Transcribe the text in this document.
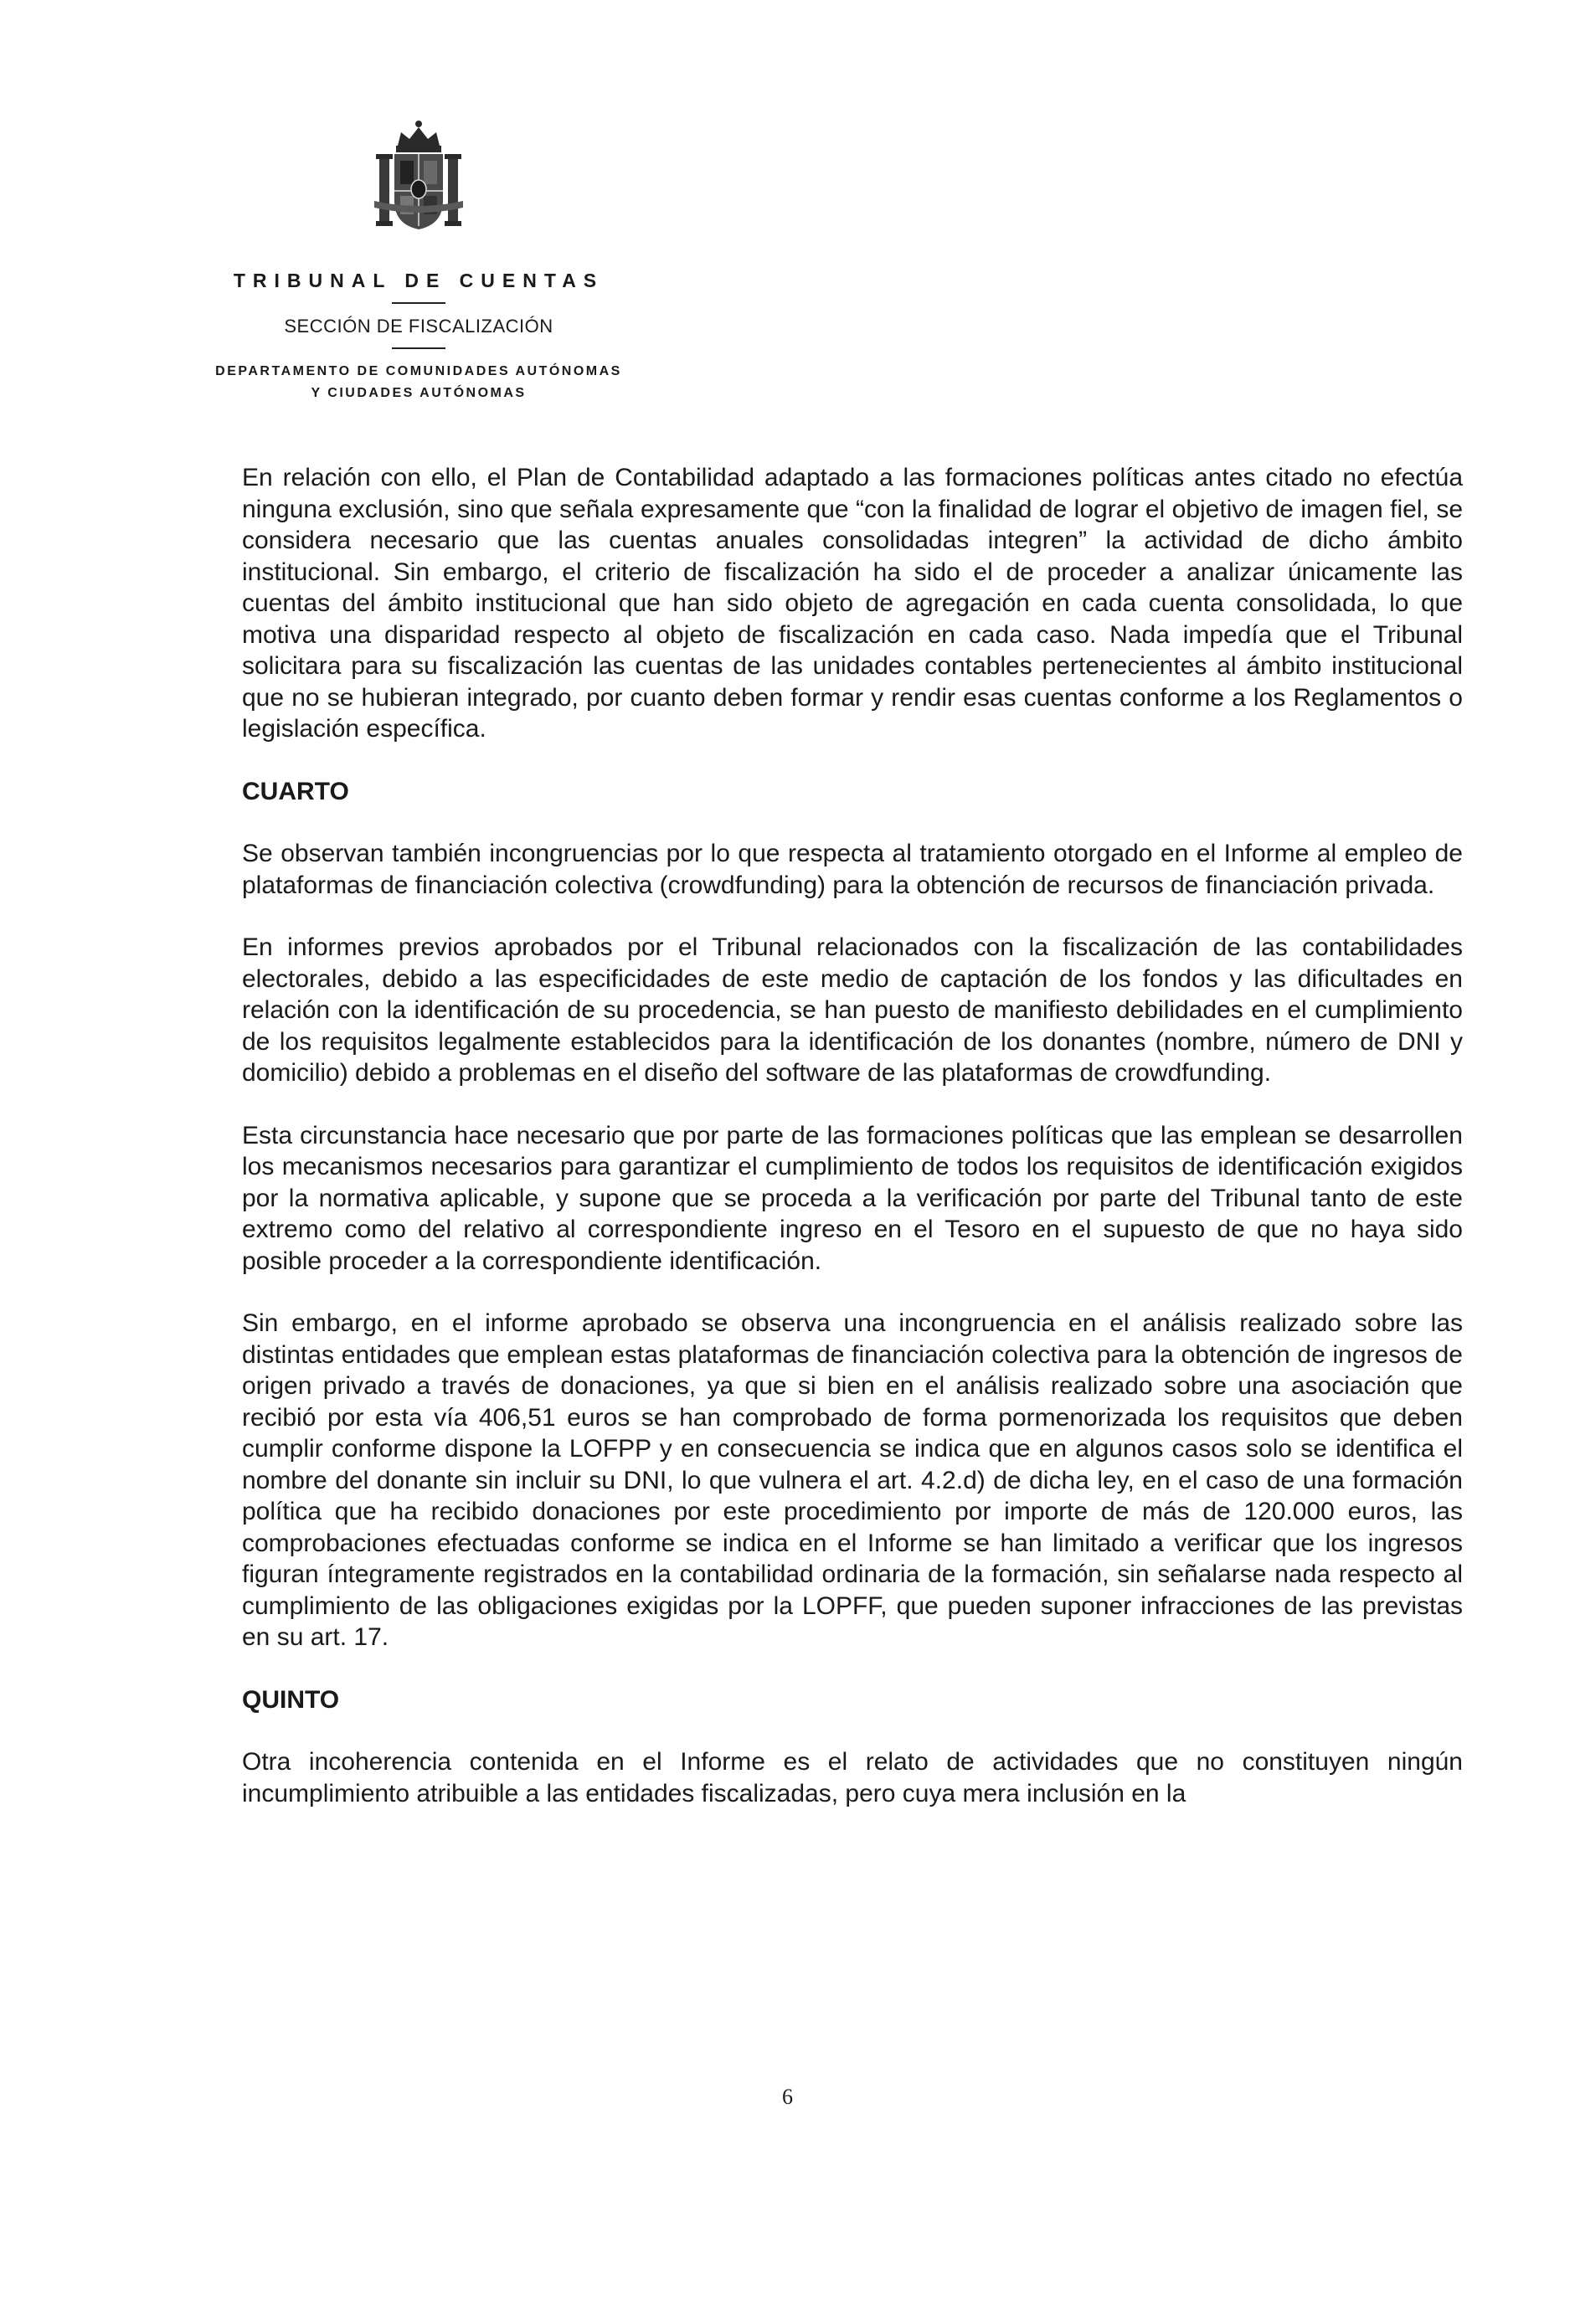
TRIBUNAL DE CUENTAS
SECCIÓN DE FISCALIZACIÓN
DEPARTAMENTO DE COMUNIDADES AUTÓNOMAS
Y CIUDADES AUTÓNOMAS

En relación con ello, el Plan de Contabilidad adaptado a las formaciones políticas antes citado no efectúa ninguna exclusión, sino que señala expresamente que “con la finalidad de lograr el objetivo de imagen fiel, se considera necesario que las cuentas anuales consolidadas integren” la actividad de dicho ámbito institucional. Sin embargo, el criterio de fiscalización ha sido el de proceder a analizar únicamente las cuentas del ámbito institucional que han sido objeto de agregación en cada cuenta consolidada, lo que motiva una disparidad respecto al objeto de fiscalización en cada caso. Nada impedía que el Tribunal solicitara para su fiscalización las cuentas de las unidades contables pertenecientes al ámbito institucional que no se hubieran integrado, por cuanto deben formar y rendir esas cuentas conforme a los Reglamentos o legislación específica.

CUARTO

Se observan también incongruencias por lo que respecta al tratamiento otorgado en el Informe al empleo de plataformas de financiación colectiva (crowdfunding) para la obtención de recursos de financiación privada.

En informes previos aprobados por el Tribunal relacionados con la fiscalización de las contabilidades electorales, debido a las especificidades de este medio de captación de los fondos y las dificultades en relación con la identificación de su procedencia, se han puesto de manifiesto debilidades en el cumplimiento de los requisitos legalmente establecidos para la identificación de los donantes (nombre, número de DNI y domicilio) debido a problemas en el diseño del software de las plataformas de crowdfunding.

Esta circunstancia hace necesario que por parte de las formaciones políticas que las emplean se desarrollen los mecanismos necesarios para garantizar el cumplimiento de todos los requisitos de identificación exigidos por la normativa aplicable, y supone que se proceda a la verificación por parte del Tribunal tanto de este extremo como del relativo al correspondiente ingreso en el Tesoro en el supuesto de que no haya sido posible proceder a la correspondiente identificación.

Sin embargo, en el informe aprobado se observa una incongruencia en el análisis realizado sobre las distintas entidades que emplean estas plataformas de financiación colectiva para la obtención de ingresos de origen privado a través de donaciones, ya que si bien en el análisis realizado sobre una asociación que recibió por esta vía 406,51 euros se han comprobado de forma pormenorizada los requisitos que deben cumplir conforme dispone la LOFPP y en consecuencia se indica que en algunos casos solo se identifica el nombre del donante sin incluir su DNI, lo que vulnera el art. 4.2.d) de dicha ley, en el caso de una formación política que ha recibido donaciones por este procedimiento por importe de más de 120.000 euros, las comprobaciones efectuadas conforme se indica en el Informe se han limitado a verificar que los ingresos figuran íntegramente registrados en la contabilidad ordinaria de la formación, sin señalarse nada respecto al cumplimiento de las obligaciones exigidas por la LOPFF, que pueden suponer infracciones de las previstas en su art. 17.

QUINTO

Otra incoherencia contenida en el Informe es el relato de actividades que no constituyen ningún incumplimiento atribuible a las entidades fiscalizadas, pero cuya mera inclusión en la

6
